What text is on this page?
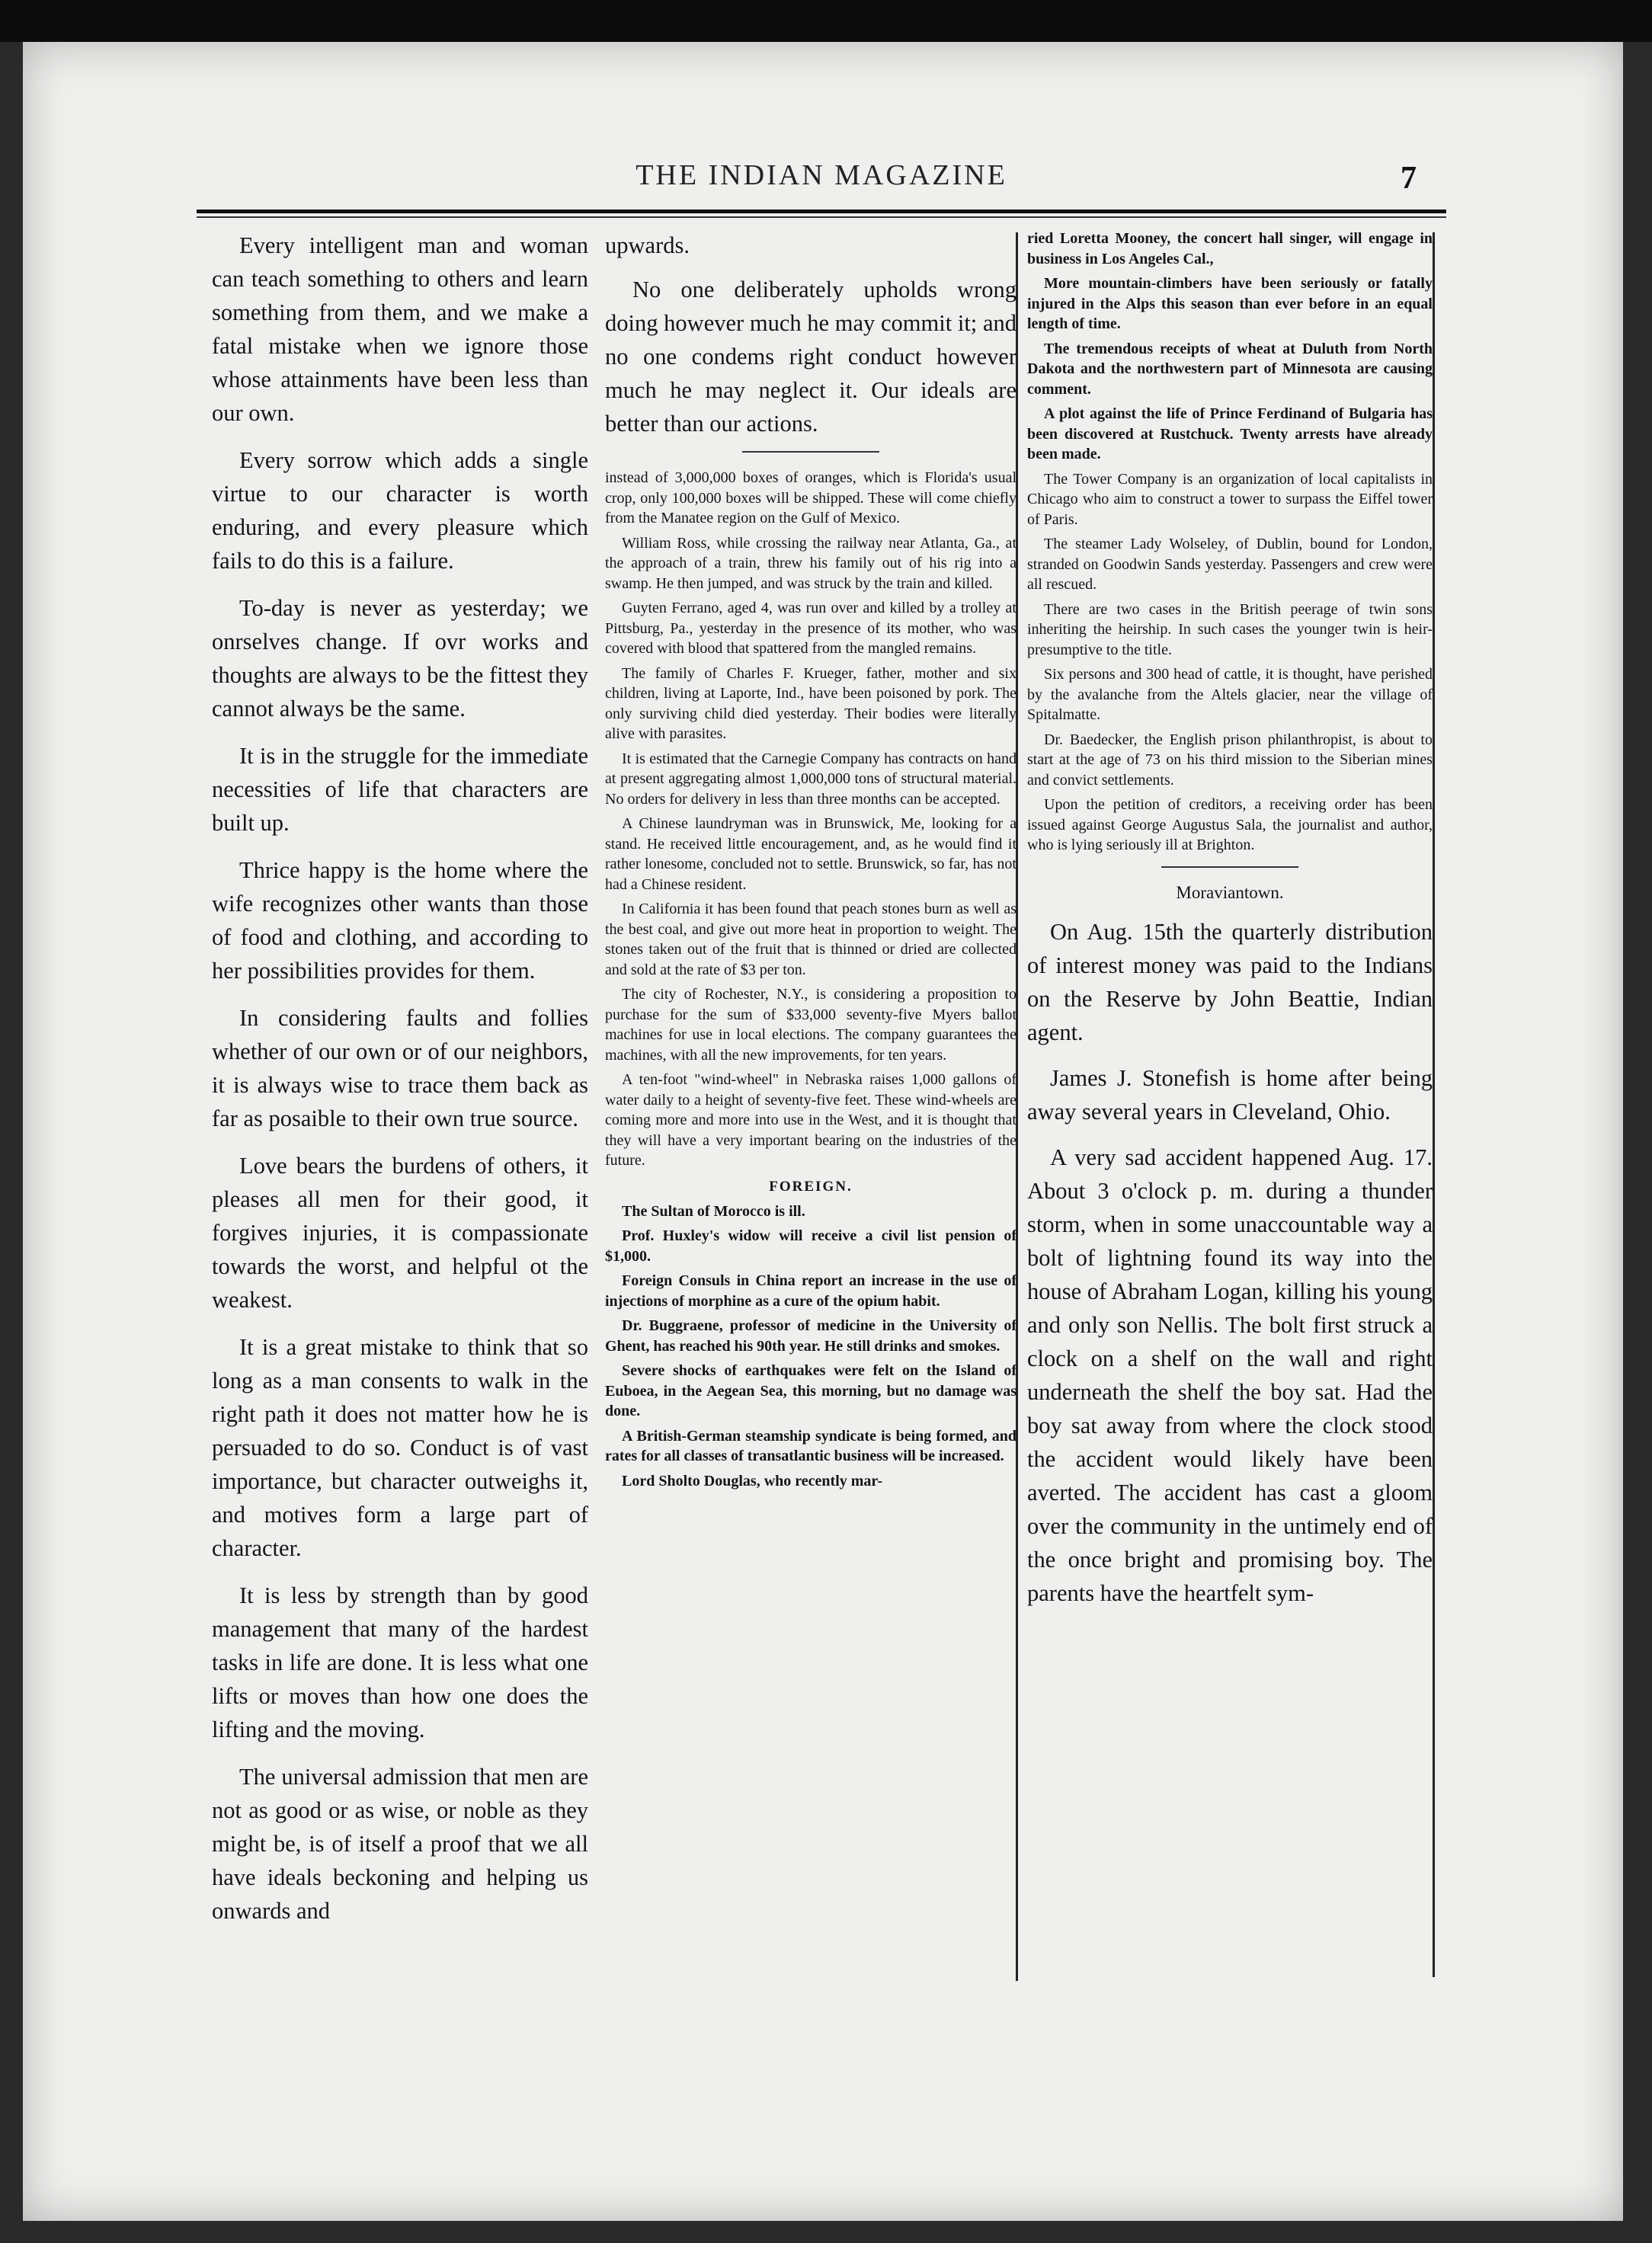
THE INDIAN MAGAZINE	7

Every intelligent man and woman can teach something to others and learn something from them, and we make a fatal mistake when we ignore those whose attainments have been less than our own.

Every sorrow which adds a single virtue to our character is worth enduring, and every pleasure which fails to do this is a failure.

To-day is never as yesterday; we onrselves change. If ovr works and thoughts are always to be the fittest they cannot always be the same.

It is in the struggle for the immediate necessities of life that characters are built up.

Thrice happy is the home where the wife recognizes other wants than those of food and clothing, and according to her possibilities provides for them.

In considering faults and follies whether of our own or of our neighbors, it is always wise to trace them back as far as posaible to their own true source.

Love bears the burdens of others, it pleases all men for their good, it forgives injuries, it is compassionate towards the worst, and helpful ot the weakest.

It is a great mistake to think that so long as a man consents to walk in the right path it does not matter how he is persuaded to do so. Conduct is of vast importance, but character outweighs it, and motives form a large part of character.

It is less by strength than by good management that many of the hardest tasks in life are done. It is less what one lifts or moves than how one does the lifting and the moving.

The universal admission that men are not as good or as wise, or noble as they might be, is of itself a proof that we all have ideals beckoning and helping us onwards and

upwards.
No one deliberately upholds wrong doing however much he may commit it; and no one condems right conduct however much he may neglect it. Our ideals are better than our actions.

instead of 3,000,000 boxes of oranges, which is Florida's usual crop, only 100,000 boxes will be shipped. These will come chiefly from the Manatee region on the Gulf of Mexico.

William Ross, while crossing the railway near Atlanta, Ga., at the approach of a train, threw his family out of his rig into a swamp. He then jumped, and was struck by the train and killed.

Guyten Ferrano, aged 4, was run over and killed by a trolley at Pittsburg, Pa., yesterday in the presence of its mother, who was covered with blood that spattered from the mangled remains.

The family of Charles F. Krueger, father, mother and six children, living at Laporte, Ind., have been poisoned by pork. The only surviving child died yesterday. Their bodies were literally alive with parasites.

It is estimated that the Carnegie Company has contracts on hand at present aggregating almost 1,000,000 tons of structural material. No orders for delivery in less than three months can be accepted.

A Chinese laundryman was in Brunswick, Me, looking for a stand. He received little encouragement, and, as he would find it rather lonesome, concluded not to settle. Brunswick, so far, has not had a Chinese resident.

In California it has been found that peach stones burn as well as the best coal, and give out more heat in proportion to weight. The stones taken out of the fruit that is thinned or dried are collected and sold at the rate of $3 per ton.

The city of Rochester, N.Y., is considering a proposition to purchase for the sum of $33,000 seventy-five Myers ballot machines for use in local elections. The company guarantees the machines, with all the new improvements, for ten years.

A ten-foot "wind-wheel" in Nebraska raises 1,000 gallons of water daily to a height of seventy-five feet. These wind-wheels are coming more and more into use in the West, and it is thought that they will have a very important bearing on the industries of the future.

FOREIGN.

The Sultan of Morocco is ill.

Prof. Huxley's widow will receive a civil list pension of $1,000.

Foreign Consuls in China report an increase in the use of injections of morphine as a cure of the opium habit.

Dr. Buggraene, professor of medicine in the University of Ghent, has reached his 90th year. He still drinks and smokes.

Severe shocks of earthquakes were felt on the Island of Euboea, in the Aegean Sea, this morning, but no damage was done.

A British-German steamship syndicate is being formed, and rates for all classes of transatlantic business will be increased.

Lord Sholto Douglas, who recently mar-

ried Loretta Mooney, the concert hall singer, will engage in business in Los Angeles Cal.,

More mountain-climbers have been seriously or fatally injured in the Alps this season than ever before in an equal length of time.

The tremendous receipts of wheat at Duluth from North Dakota and the northwestern part of Minnesota are causing comment.

A plot against the life of Prince Ferdinand of Bulgaria has been discovered at Rustchuck. Twenty arrests have already been made.

The Tower Company is an organization of local capitalists in Chicago who aim to construct a tower to surpass the Eiffel tower of Paris.

The steamer Lady Wolseley, of Dublin, bound for London, stranded on Goodwin Sands yesterday. Passengers and crew were all rescued.

There are two cases in the British peerage of twin sons inheriting the heirship. In such cases the younger twin is heir-presumptive to the title.

Six persons and 300 head of cattle, it is thought, have perished by the avalanche from the Altels glacier, near the village of Spitalmatte.

Dr. Baedecker, the English prison philanthropist, is about to start at the age of 73 on his third mission to the Siberian mines and convict settlements.

Upon the petition of creditors, a receiving order has been issued against George Augustus Sala, the journalist and author, who is lying seriously ill at Brighton.

Moraviantown.

On Aug. 15th the quarterly distribution of interest money was paid to the Indians on the Reserve by John Beattie, Indian agent.

James J. Stonefish is home after being away several years in Cleveland, Ohio.

A very sad accident happened Aug. 17. About 3 o'clock p. m. during a thunder storm, when in some unaccountable way a bolt of lightning found its way into the house of Abraham Logan, killing his young and only son Nellis. The bolt first struck a clock on a shelf on the wall and right underneath the shelf the boy sat. Had the boy sat away from where the clock stood the accident would likely have been averted. The accident has cast a gloom over the community in the untimely end of the once bright and promising boy. The parents have the heartfelt sym-
